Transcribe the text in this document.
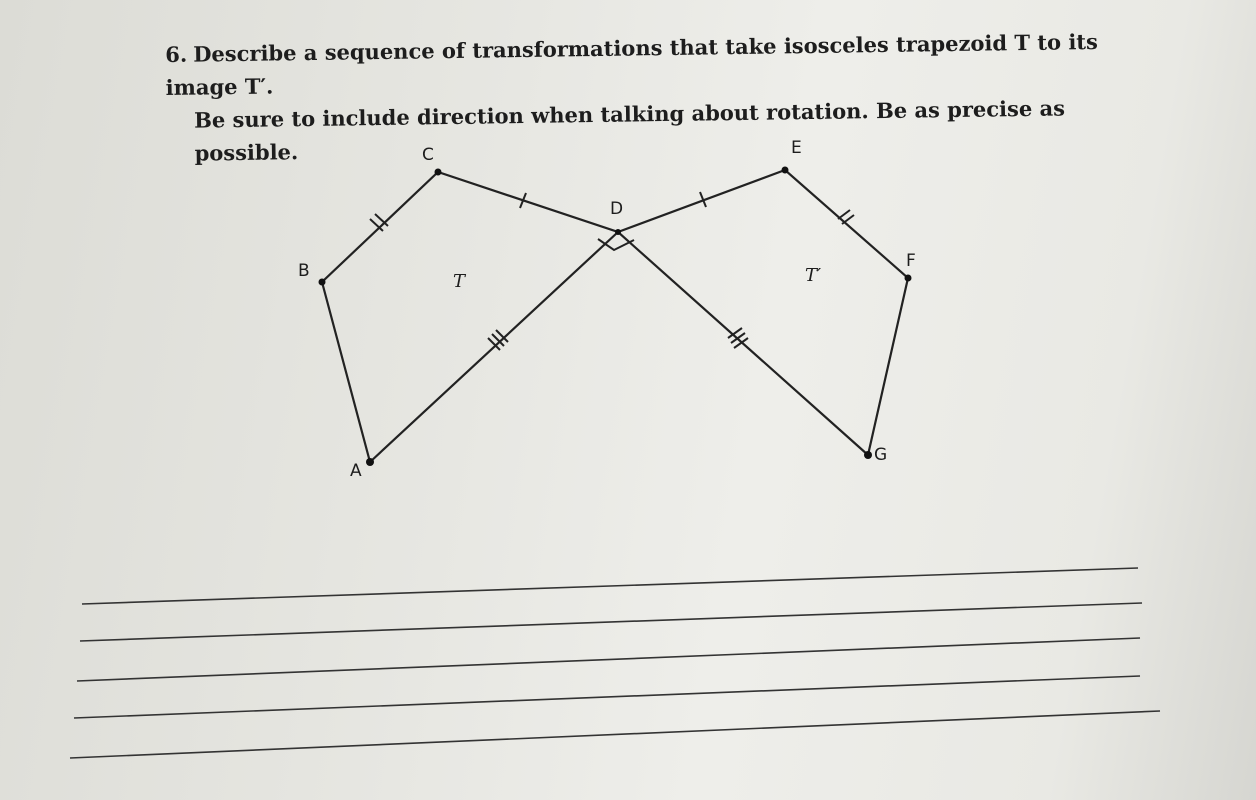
6. Describe a sequence of transformations that take isosceles trapezoid T to its image T′.
Be sure to include direction when talking about rotation. Be as precise as possible.
A
B
C
D
E
F
G
T	T′
